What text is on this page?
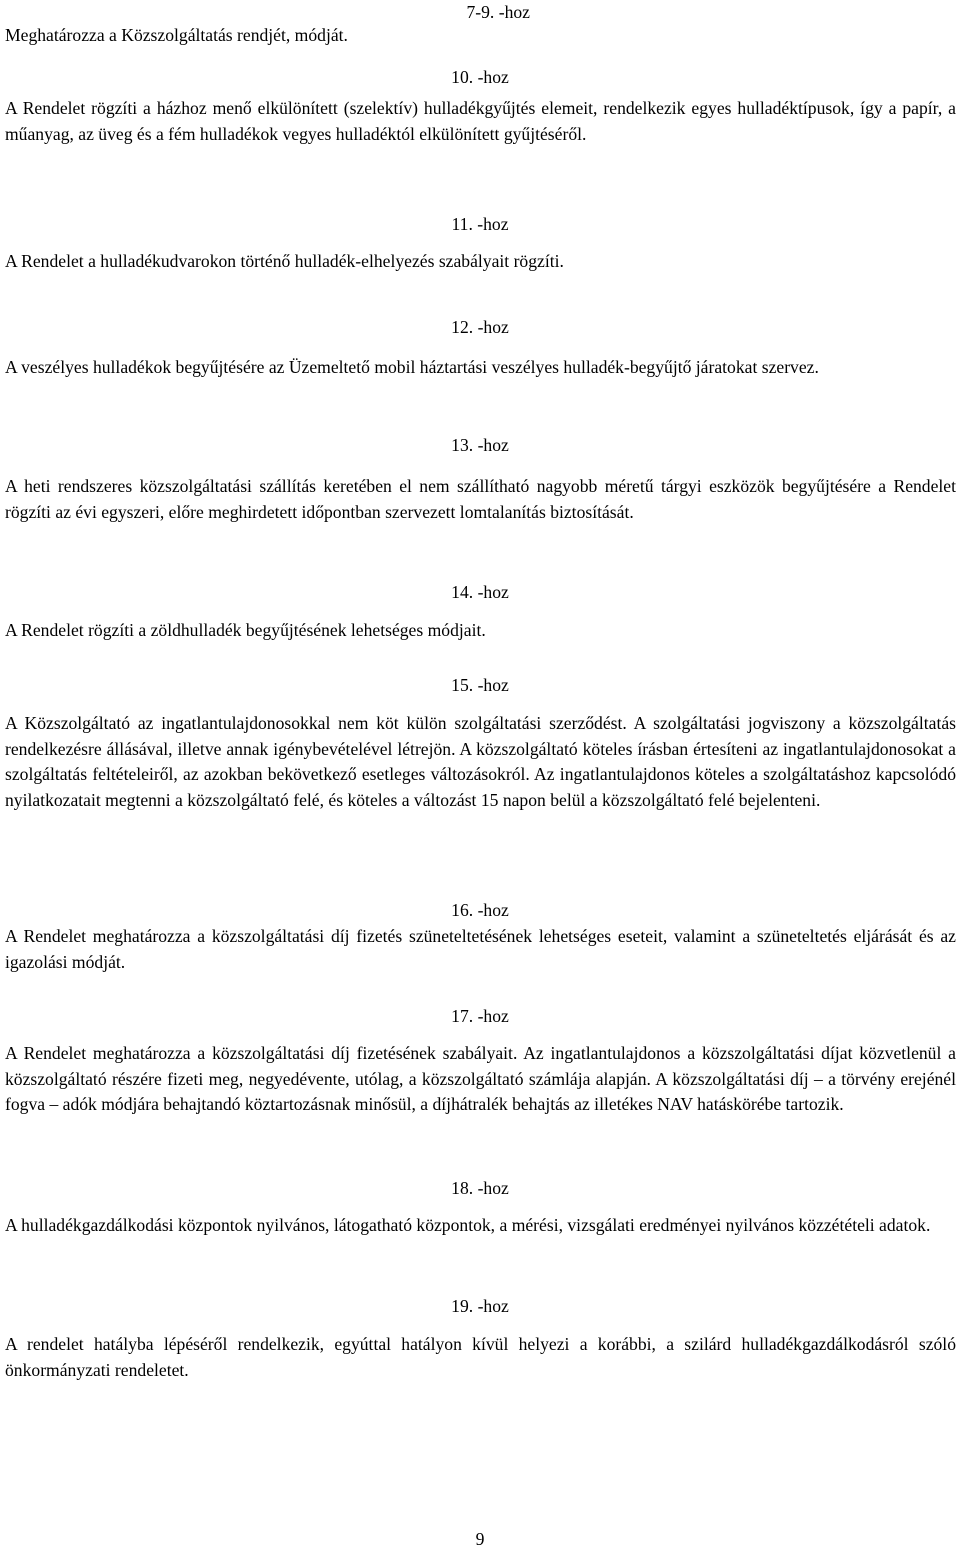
7-9. -hoz
Meghatározza a Közszolgáltatás rendjét, módját.
10. -hoz
A Rendelet rögzíti a házhoz menő elkülönített (szelektív) hulladékgyűjtés elemeit, rendelkezik egyes hulladéktípusok, így a papír, a műanyag, az üveg és a fém hulladékok vegyes hulladéktól elkülönített gyűjtéséről.
11. -hoz
A Rendelet a hulladékudvarokon történő hulladék-elhelyezés szabályait rögzíti.
12. -hoz
A veszélyes hulladékok begyűjtésére az Üzemeltető mobil háztartási veszélyes hulladék-begyűjtő járatokat szervez.
13. -hoz
A heti rendszeres közszolgáltatási szállítás keretében el nem szállítható nagyobb méretű tárgyi eszközök begyűjtésére a Rendelet rögzíti az évi egyszeri, előre meghirdetett időpontban szervezett lomtalanítás biztosítását.
14. -hoz
A Rendelet rögzíti a zöldhulladék begyűjtésének lehetséges módjait.
15. -hoz
A Közszolgáltató az ingatlantulajdonosokkal nem köt külön szolgáltatási szerződést. A szolgáltatási jogviszony a közszolgáltatás rendelkezésre állásával, illetve annak igénybevételével létrejön. A közszolgáltató köteles írásban értesíteni az ingatlantulajdonosokat a szolgáltatás feltételeiről, az azokban bekövetkező esetleges változásokról. Az ingatlantulajdonos köteles a szolgáltatáshoz kapcsolódó nyilatkozatait megtenni a közszolgáltató felé, és köteles a változást 15 napon belül a közszolgáltató felé bejelenteni.
16. -hoz
A Rendelet meghatározza a közszolgáltatási díj fizetés szüneteltetésének lehetséges eseteit, valamint a szüneteltetés eljárását és az igazolási módját.
17. -hoz
A Rendelet meghatározza a közszolgáltatási díj fizetésének szabályait. Az ingatlantulajdonos a közszolgáltatási díjat közvetlenül a közszolgáltató részére fizeti meg, negyedévente, utólag, a közszolgáltató számlája alapján. A közszolgáltatási díj – a törvény erejénél fogva – adók módjára behajtandó köztartozásnak minősül, a díjhátralék behajtás az illetékes NAV hatáskörébe tartozik.
18. -hoz
A hulladékgazdálkodási központok nyilvános, látogatható központok, a mérési, vizsgálati eredményei nyilvános közzétételi adatok.
19. -hoz
A rendelet hatályba lépéséről rendelkezik, egyúttal hatályon kívül helyezi a korábbi, a szilárd hulladékgazdálkodásról szóló önkormányzati rendeletet.
9
